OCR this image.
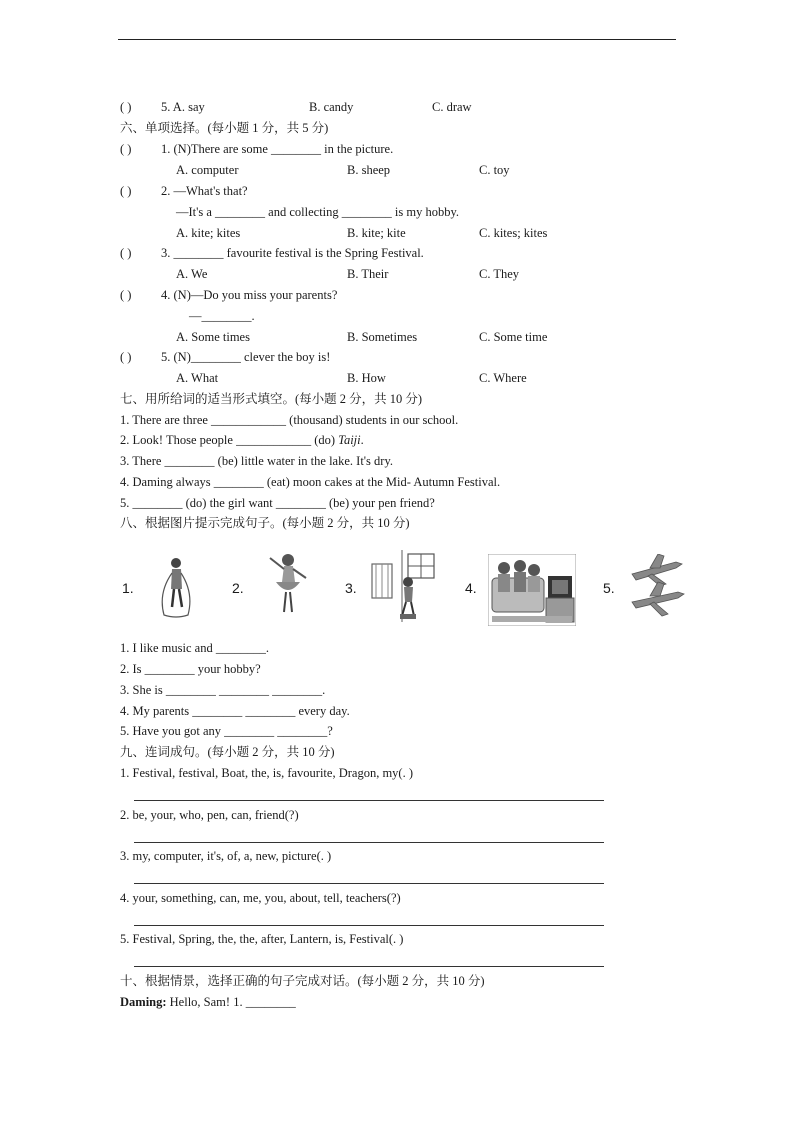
( ) 5. A. say	B. candy	C. draw
六、单项选择。(每小题 1 分，共 5 分)
( ) 1. (N)There are some ________ in the picture.
A. computer	B. sheep	C. toy
( ) 2. —What's that?
—It's a ________ and collecting ________ is my hobby.
A. kite; kites	B. kite; kite	C. kites; kites
( ) 3. ________ favourite festival is the Spring Festival.
A. We	B. Their	C. They
( ) 4. (N)—Do you miss your parents?
—________.
A. Some times	B. Sometimes	C. Some time
( ) 5. (N)________ clever the boy is!
A. What	B. How	C. Where
七、用所给词的适当形式填空。(每小题 2 分，共 10 分)
1. There are three ____________ (thousand) students in our school.
2. Look! Those people ____________ (do) Taiji.
3. There ________ (be) little water in the lake. It's dry.
4. Daming always ________ (eat) moon cakes at the Mid- Autumn Festival.
5. ________ (do) the girl want ________ (be) your pen friend?
八、根据图片提示完成句子。(每小题 2 分，共 10 分)
1.	2.	3.	4.	5.
1. I like music and ________.
2. Is ________ your hobby?
3. She is ________ ________ ________.
4. My parents ________ ________ every day.
5. Have you got any ________ ________?
九、连词成句。(每小题 2 分，共 10 分)
1. Festival, festival, Boat, the, is, favourite, Dragon, my(. )
2. be, your, who, pen, can, friend(?)
3. my, computer, it's, of, a, new, picture(. )
4. your, something, can, me, you, about, tell, teachers(?)
5. Festival, Spring, the, the, after, Lantern, is, Festival(. )
十、根据情景，选择正确的句子完成对话。(每小题 2 分，共 10 分)
Daming: Hello, Sam! 1. ________
